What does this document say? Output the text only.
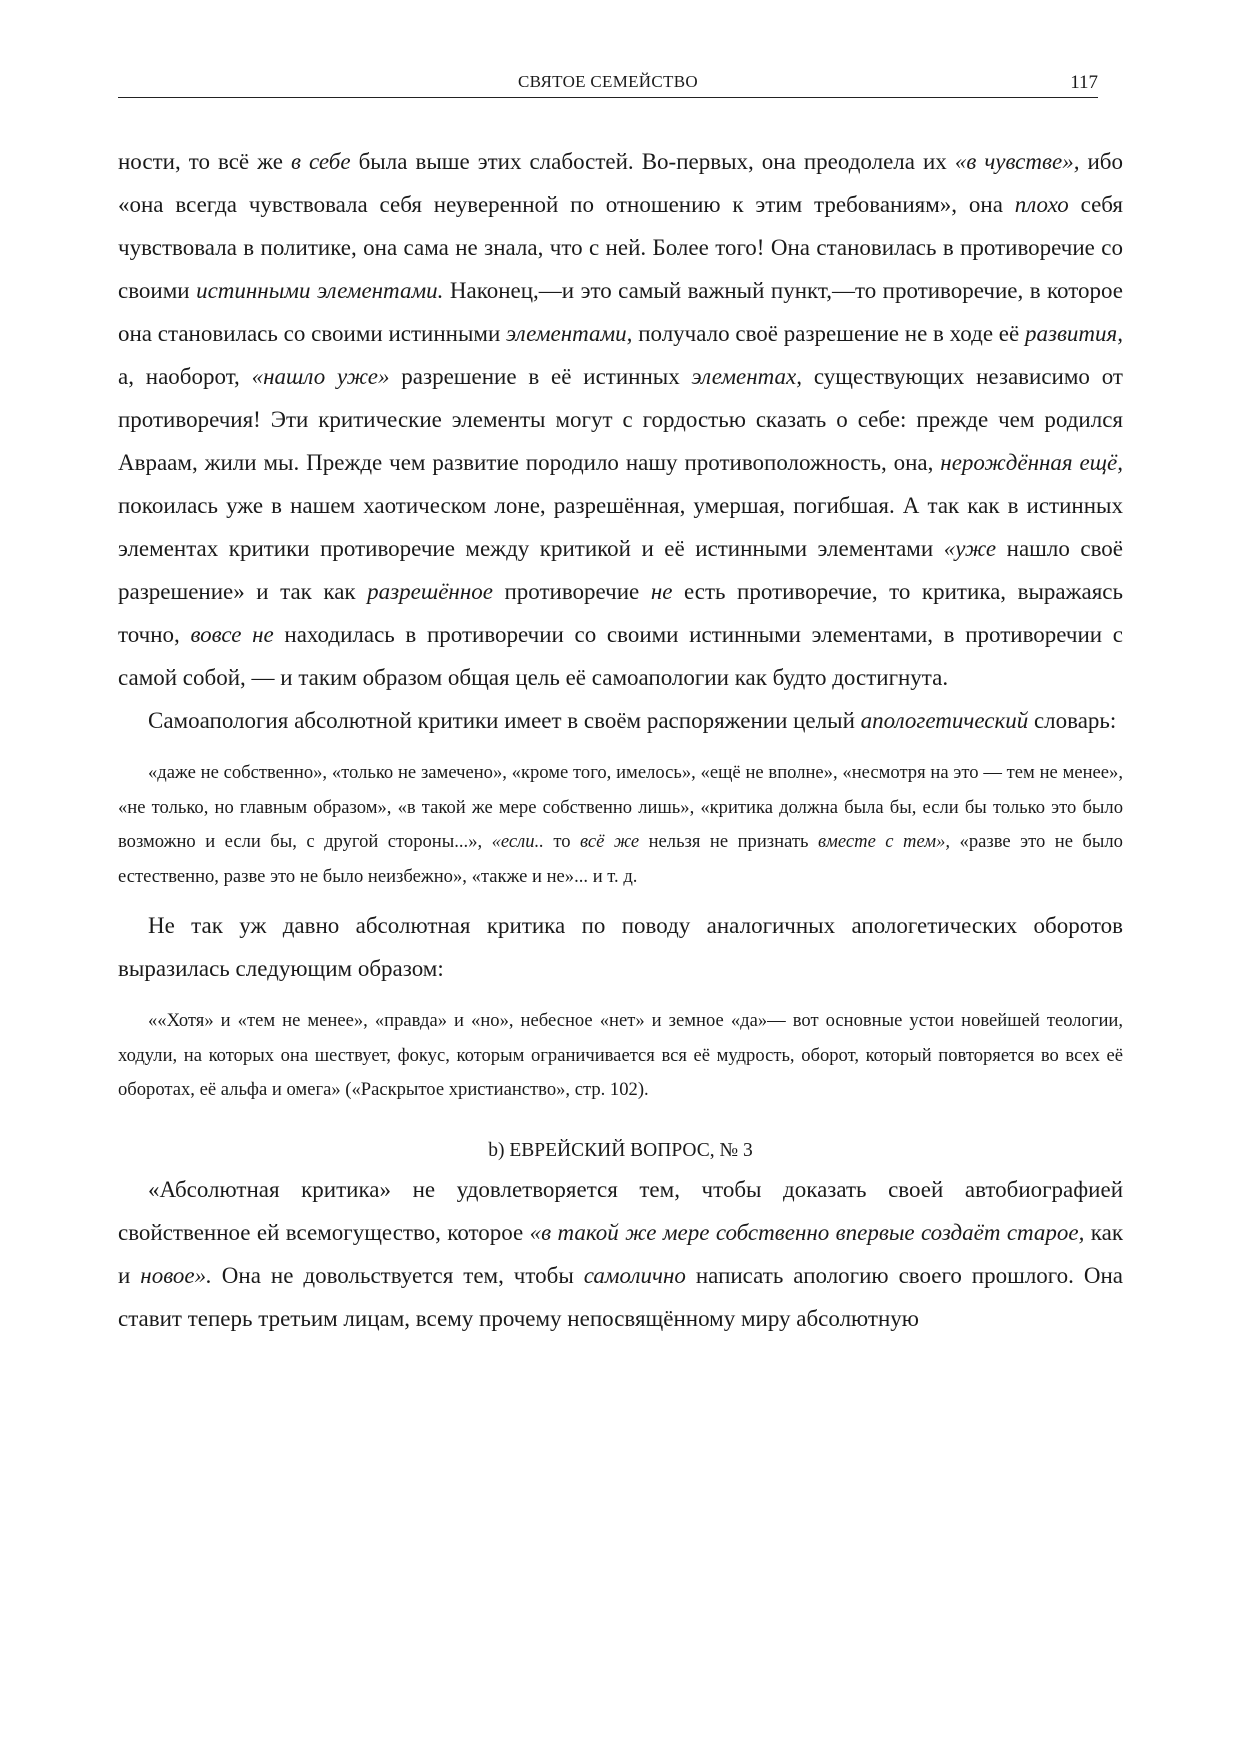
СВЯТОЕ СЕМЕЙСТВО	117

ности, то всё же в себе была выше этих слабостей. Во-первых, она преодолела их «в чувстве», ибо «она всегда чувствовала себя неуверенной по отношению к этим требованиям», она плохо себя чувствовала в политике, она сама не знала, что с ней. Более того! Она становилась в противоречие со своими истинными элементами. Наконец,—и это самый важный пункт,—то противоречие, в которое она становилась со своими истинными элементами, получало своё разрешение не в ходе её развития, а, наоборот, «нашло уже» разрешение в её истинных элементах, существующих независимо от противоречия! Эти критические элементы могут с гордостью сказать о себе: прежде чем родился Авраам, жили мы. Прежде чем развитие породило нашу противоположность, она, нерождённая ещё, покоилась уже в нашем хаотическом лоне, разрешённая, умершая, погибшая. А так как в истинных элементах критики противоречие между критикой и её истинными элементами «уже нашло своё разрешение» и так как разрешённое противоречие не есть противоречие, то критика, выражаясь точно, вовсе не находилась в противоречии со своими истинными элементами, в противоречии с самой собой, — и таким образом общая цель её самоапологии как будто достигнута.

Самоапология абсолютной критики имеет в своём распоряжении целый апологетический словарь:

«даже не собственно», «только не замечено», «кроме того, имелось», «ещё не вполне», «несмотря на это — тем не менее», «не только, но главным образом», «в такой же мере собственно лишь», «критика должна была бы, если бы только это было возможно и если бы, с другой стороны...», «если.. то всё же нельзя не признать вместе с тем», «разве это не было естественно, разве это не было неизбежно», «также и не»... и т. д.

Не так уж давно абсолютная критика по поводу аналогичных апологетических оборотов выразилась следующим образом:

««Хотя» и «тем не менее», «правда» и «но», небесное «нет» и земное «да»— вот основные устои новейшей теологии, ходули, на которых она шествует, фокус, которым ограничивается вся её мудрость, оборот, который повторяется во всех её оборотах, её альфа и омега» («Раскрытое христианство», стр. 102).

b) ЕВРЕЙСКИЙ ВОПРОС, № 3

«Абсолютная критика» не удовлетворяется тем, чтобы доказать своей автобиографией свойственное ей всемогущество, которое «в такой же мере собственно впервые создаёт старое, как и новое». Она не довольствуется тем, чтобы самолично написать апологию своего прошлого. Она ставит теперь третьим лицам, всему прочему непосвящённому миру абсолютную
